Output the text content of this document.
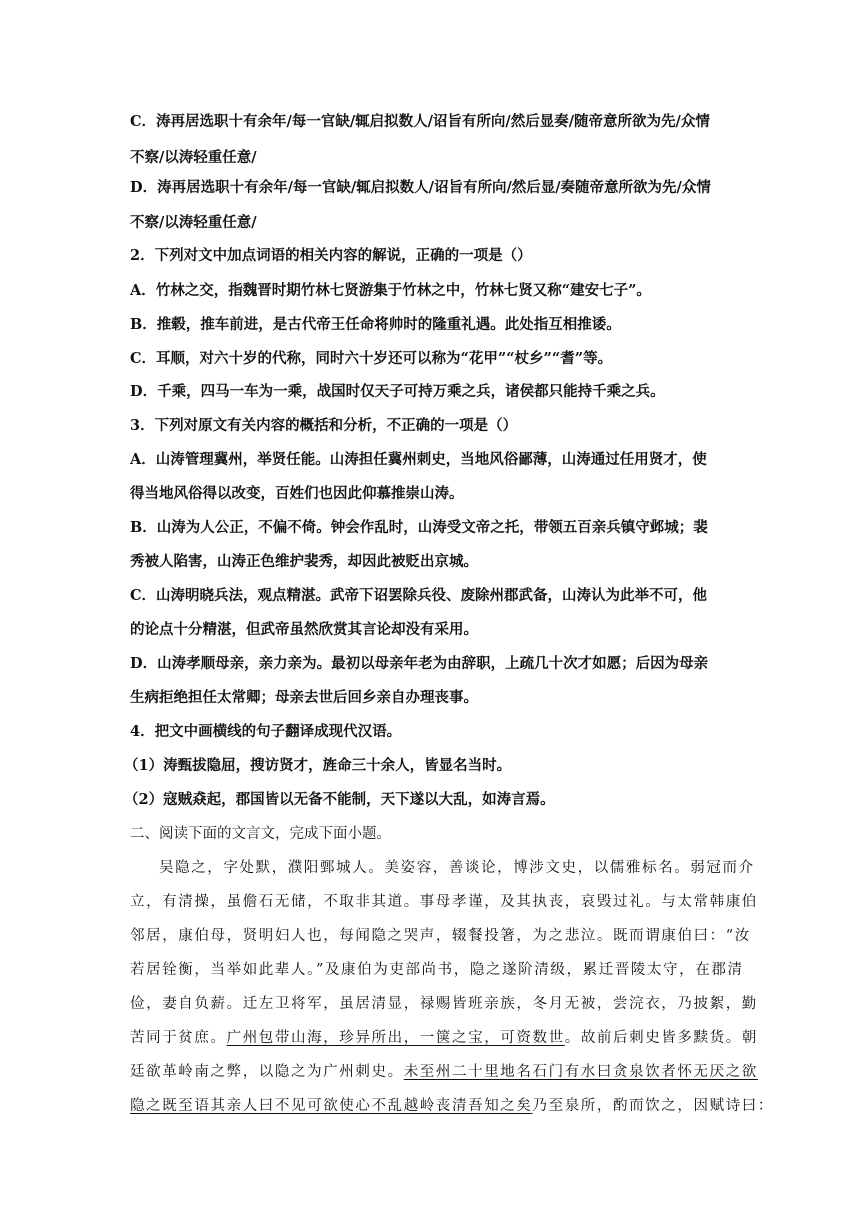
C．涛再居选职十有余年/每一官缺/辄启拟数人/诏旨有所向/然后显奏/随帝意所欲为先/众情
不察/以涛轻重任意/
D．涛再居选职十有余年/每一官缺/辄启拟数人/诏旨有所向/然后显/奏随帝意所欲为先/众情
不察/以涛轻重任意/
2．下列对文中加点词语的相关内容的解说，正确的一项是（）
A．竹林之交，指魏晋时期竹林七贤游集于竹林之中，竹林七贤又称“建安七子”。
B．推毂，推车前进，是古代帝王任命将帅时的隆重礼遇。此处指互相推诿。
C．耳顺，对六十岁的代称，同时六十岁还可以称为“花甲”“杖乡”“耆”等。
D．千乘，四马一车为一乘，战国时仅天子可持万乘之兵，诸侯都只能持千乘之兵。
3．下列对原文有关内容的概括和分析，不正确的一项是（）
A．山涛管理冀州，举贤任能。山涛担任冀州刺史，当地风俗鄙薄，山涛通过任用贤才，使
得当地风俗得以改变，百姓们也因此仰慕推崇山涛。
B．山涛为人公正，不偏不倚。钟会作乱时，山涛受文帝之托，带领五百亲兵镇守邺城；裴
秀被人陷害，山涛正色维护裴秀，却因此被贬出京城。
C．山涛明晓兵法，观点精湛。武帝下诏罢除兵役、废除州郡武备，山涛认为此举不可，他
的论点十分精湛，但武帝虽然欣赏其言论却没有采用。
D．山涛孝顺母亲，亲力亲为。最初以母亲年老为由辞职，上疏几十次才如愿；后因为母亲
生病拒绝担任太常卿；母亲去世后回乡亲自办理丧事。
4．把文中画横线的句子翻译成现代汉语。
（1）涛甄拔隐屈，搜访贤才，旌命三十余人，皆显名当时。
（2）寇贼猋起，郡国皆以无备不能制，天下遂以大乱，如涛言焉。
二、阅读下面的文言文，完成下面小题。
吴隐之，字处默，濮阳鄄城人。美姿容，善谈论，博涉文史，以儒雅标名。弱冠而介
立，有清操，虽儋石无储，不取非其道。事母孝谨，及其执丧，哀毁过礼。与太常韩康伯
邻居，康伯母，贤明妇人也，每闻隐之哭声，辍餐投箸，为之悲泣。既而谓康伯曰：“汝
若居铨衡，当举如此辈人。”及康伯为吏部尚书，隐之遂阶清级，累迁晋陵太守，在郡清
俭，妻自负薪。迁左卫将军，虽居清显，禄赐皆班亲族，冬月无被，尝浣衣，乃披絮，勤
苦同于贫庶。广州包带山海，珍异所出，一箧之宝，可资数世。故前后刺史皆多黩货。朝
廷欲革岭南之弊，以隐之为广州刺史。未至州二十里地名石门有水曰贪泉饮者怀无厌之欲
隐之既至语其亲人曰不见可欲使心不乱越岭丧清吾知之矣乃至泉所，酌而饮之，因赋诗曰：
